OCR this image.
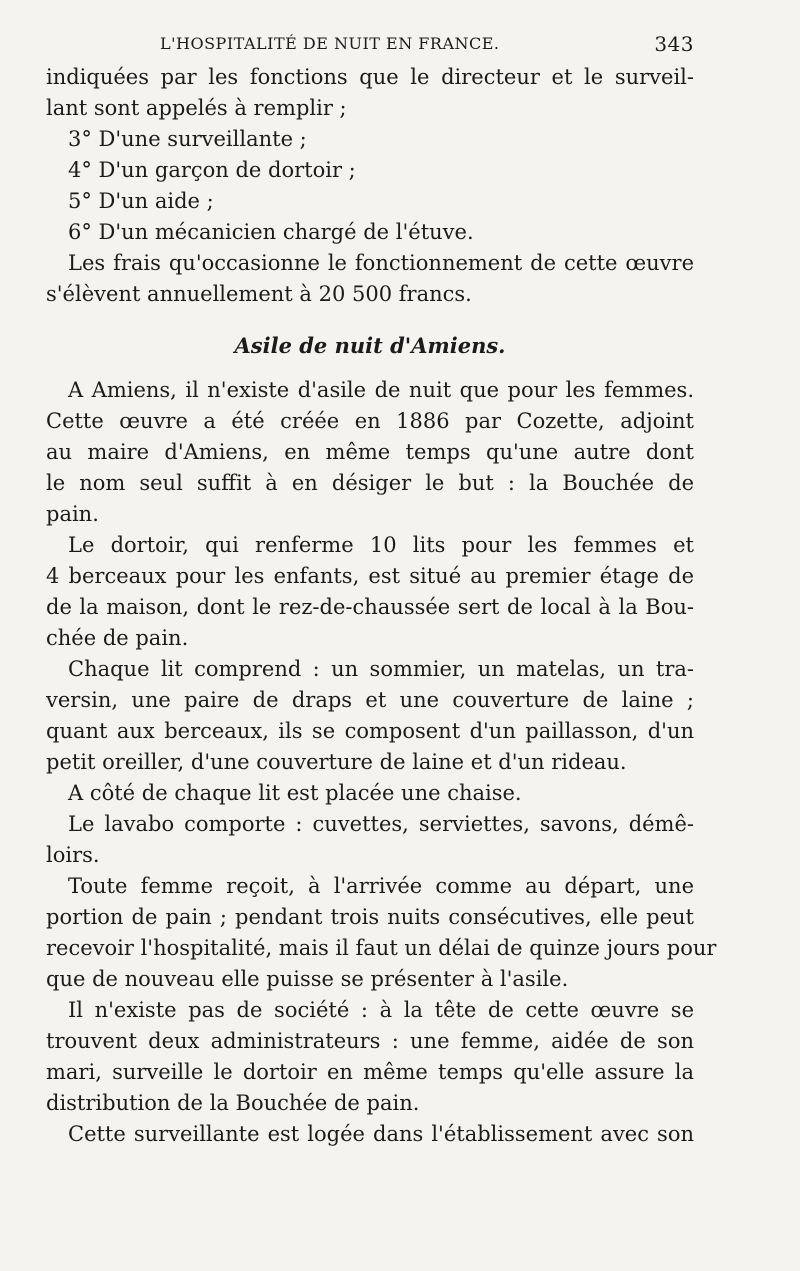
L'HOSPITALITÉ DE NUIT EN FRANCE.	343
indiquées par les fonctions que le directeur et le surveil-
lant sont appelés à remplir ;
3° D'une surveillante ;
4° D'un garçon de dortoir ;
5° D'un aide ;
6° D'un mécanicien chargé de l'étuve.
Les frais qu'occasionne le fonctionnement de cette œuvre
s'élèvent annuellement à 20 500 francs.
Asile de nuit d'Amiens.
A Amiens, il n'existe d'asile de nuit que pour les femmes.
Cette œuvre a été créée en 1886 par Cozette, adjoint
au maire d'Amiens, en même temps qu'une autre dont
le nom seul suffit à en désiger le but : la Bouchée de
pain.
Le dortoir, qui renferme 10 lits pour les femmes et
4 berceaux pour les enfants, est situé au premier étage de
de la maison, dont le rez-de-chaussée sert de local à la Bou-
chée de pain.
Chaque lit comprend : un sommier, un matelas, un tra-
versin, une paire de draps et une couverture de laine ;
quant aux berceaux, ils se composent d'un paillasson, d'un
petit oreiller, d'une couverture de laine et d'un rideau.
A côté de chaque lit est placée une chaise.
Le lavabo comporte : cuvettes, serviettes, savons, démê-
loirs.
Toute femme reçoit, à l'arrivée comme au départ, une
portion de pain ; pendant trois nuits consécutives, elle peut
recevoir l'hospitalité, mais il faut un délai de quinze jours pour
que de nouveau elle puisse se présenter à l'asile.
Il n'existe pas de société : à la tête de cette œuvre se
trouvent deux administrateurs : une femme, aidée de son
mari, surveille le dortoir en même temps qu'elle assure la
distribution de la Bouchée de pain.
Cette surveillante est logée dans l'établissement avec son
